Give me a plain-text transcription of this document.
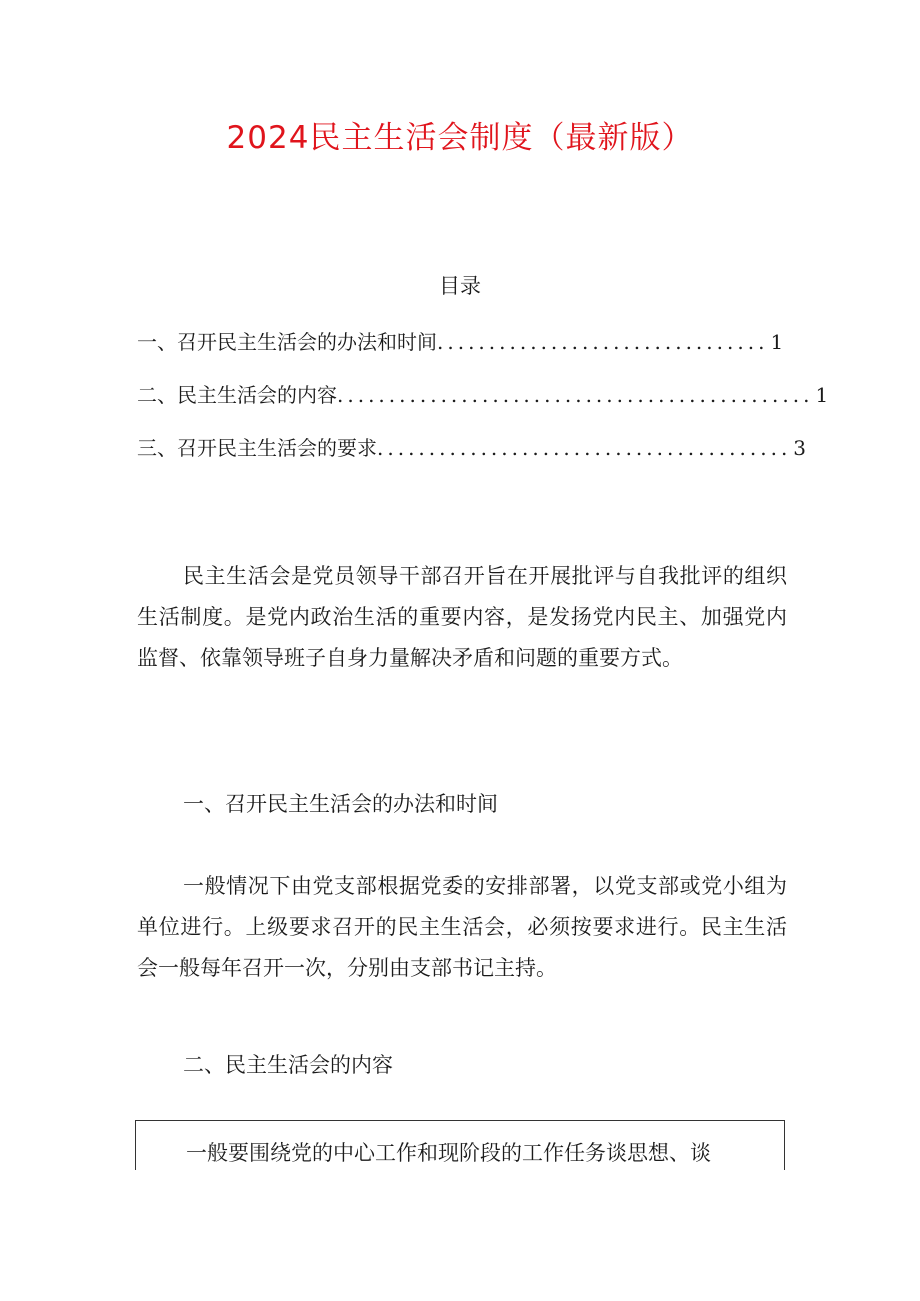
2024民主生活会制度（最新版）
目录
一、召开民主生活会的办法和时间 ................................ 1
二、民主生活会的内容 .............................................. 1
三、召开民主生活会的要求 ........................................ 3

民主生活会是党员领导干部召开旨在开展批评与自我批评的组织生活制度。是党内政治生活的重要内容，是发扬党内民主、加强党内监督、依靠领导班子自身力量解决矛盾和问题的重要方式。

一、召开民主生活会的办法和时间

一般情况下由党支部根据党委的安排部署，以党支部或党小组为单位进行。上级要求召开的民主生活会，必须按要求进行。民主生活会一般每年召开一次，分别由支部书记主持。

二、民主生活会的内容

一般要围绕党的中心工作和现阶段的工作任务谈思想、谈
